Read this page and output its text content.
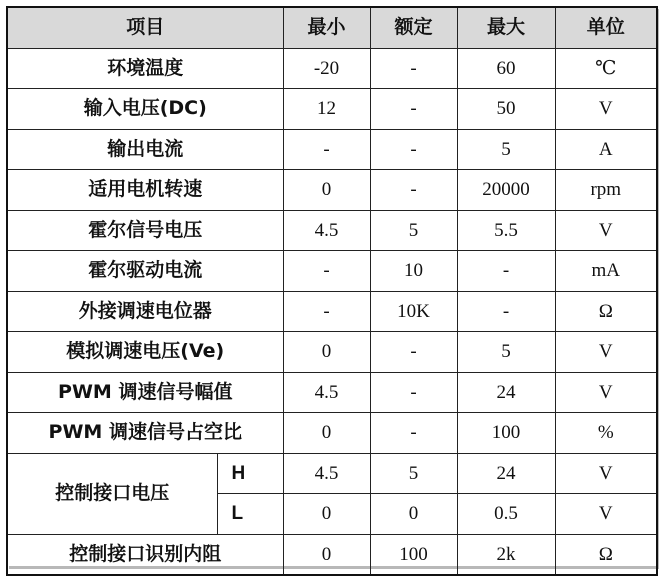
项目		最小	额定	最大	单位
环境温度		-20	-	60	℃
输入电压(DC)		12	-	50	V
输出电流		-	-	5	A
适用电机转速		0	-	20000	rpm
霍尔信号电压		4.5	5	5.5	V
霍尔驱动电流		-	10	-	mA
外接调速电位器		-	10K	-	Ω
模拟调速电压(Ve)		0	-	5	V
PWM 调速信号幅值		4.5	-	24	V
PWM 调速信号占空比		0	-	100	%
控制接口电压	H	4.5	5	24	V
	L	0	0	0.5	V
控制接口识别内阻		0	100	2k	Ω
